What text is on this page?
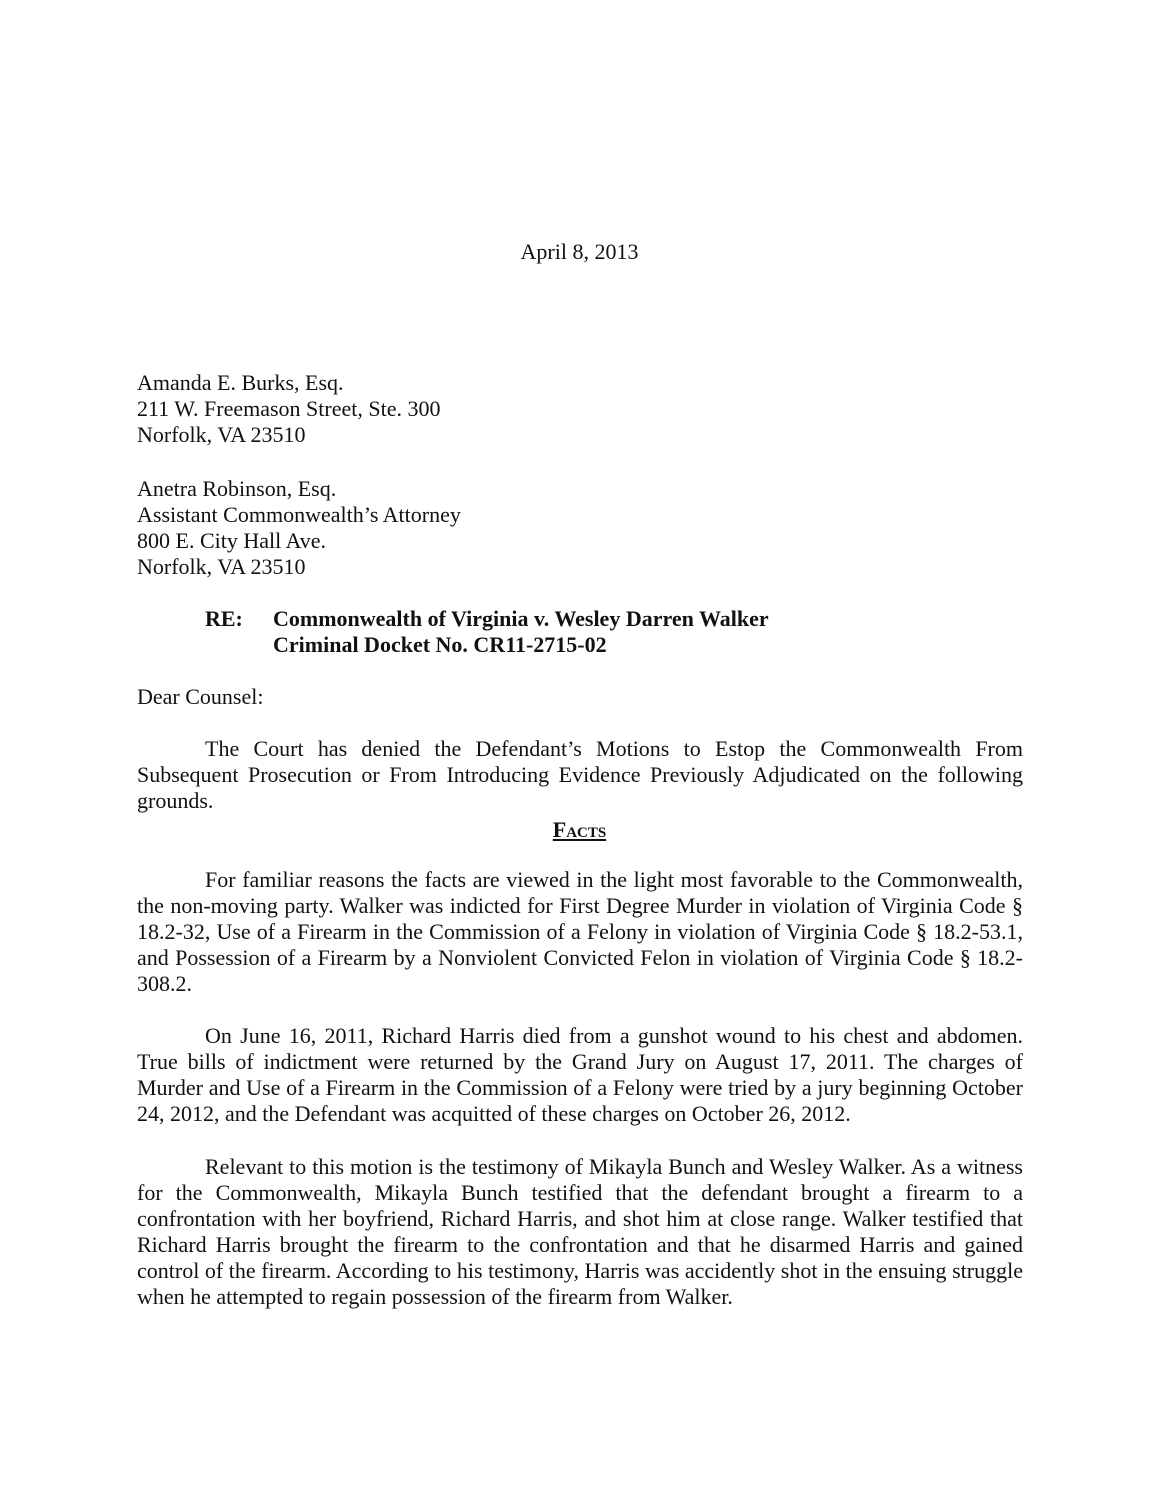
April 8, 2013
Amanda E. Burks, Esq.
211 W. Freemason Street, Ste. 300
Norfolk, VA 23510
Anetra Robinson, Esq.
Assistant Commonwealth’s Attorney
800 E. City Hall Ave.
Norfolk, VA 23510
RE: Commonwealth of Virginia v. Wesley Darren Walker
Criminal Docket No. CR11-2715-02
Dear Counsel:

The Court has denied the Defendant’s Motions to Estop the Commonwealth From Subsequent Prosecution or From Introducing Evidence Previously Adjudicated on the following grounds.

Facts

For familiar reasons the facts are viewed in the light most favorable to the Commonwealth, the non-moving party. Walker was indicted for First Degree Murder in violation of Virginia Code § 18.2-32, Use of a Firearm in the Commission of a Felony in violation of Virginia Code § 18.2-53.1, and Possession of a Firearm by a Nonviolent Convicted Felon in violation of Virginia Code § 18.2-308.2.

On June 16, 2011, Richard Harris died from a gunshot wound to his chest and abdomen. True bills of indictment were returned by the Grand Jury on August 17, 2011. The charges of Murder and Use of a Firearm in the Commission of a Felony were tried by a jury beginning October 24, 2012, and the Defendant was acquitted of these charges on October 26, 2012.

Relevant to this motion is the testimony of Mikayla Bunch and Wesley Walker. As a witness for the Commonwealth, Mikayla Bunch testified that the defendant brought a firearm to a confrontation with her boyfriend, Richard Harris, and shot him at close range. Walker testified that Richard Harris brought the firearm to the confrontation and that he disarmed Harris and gained control of the firearm. According to his testimony, Harris was accidently shot in the ensuing struggle when he attempted to regain possession of the firearm from Walker.
